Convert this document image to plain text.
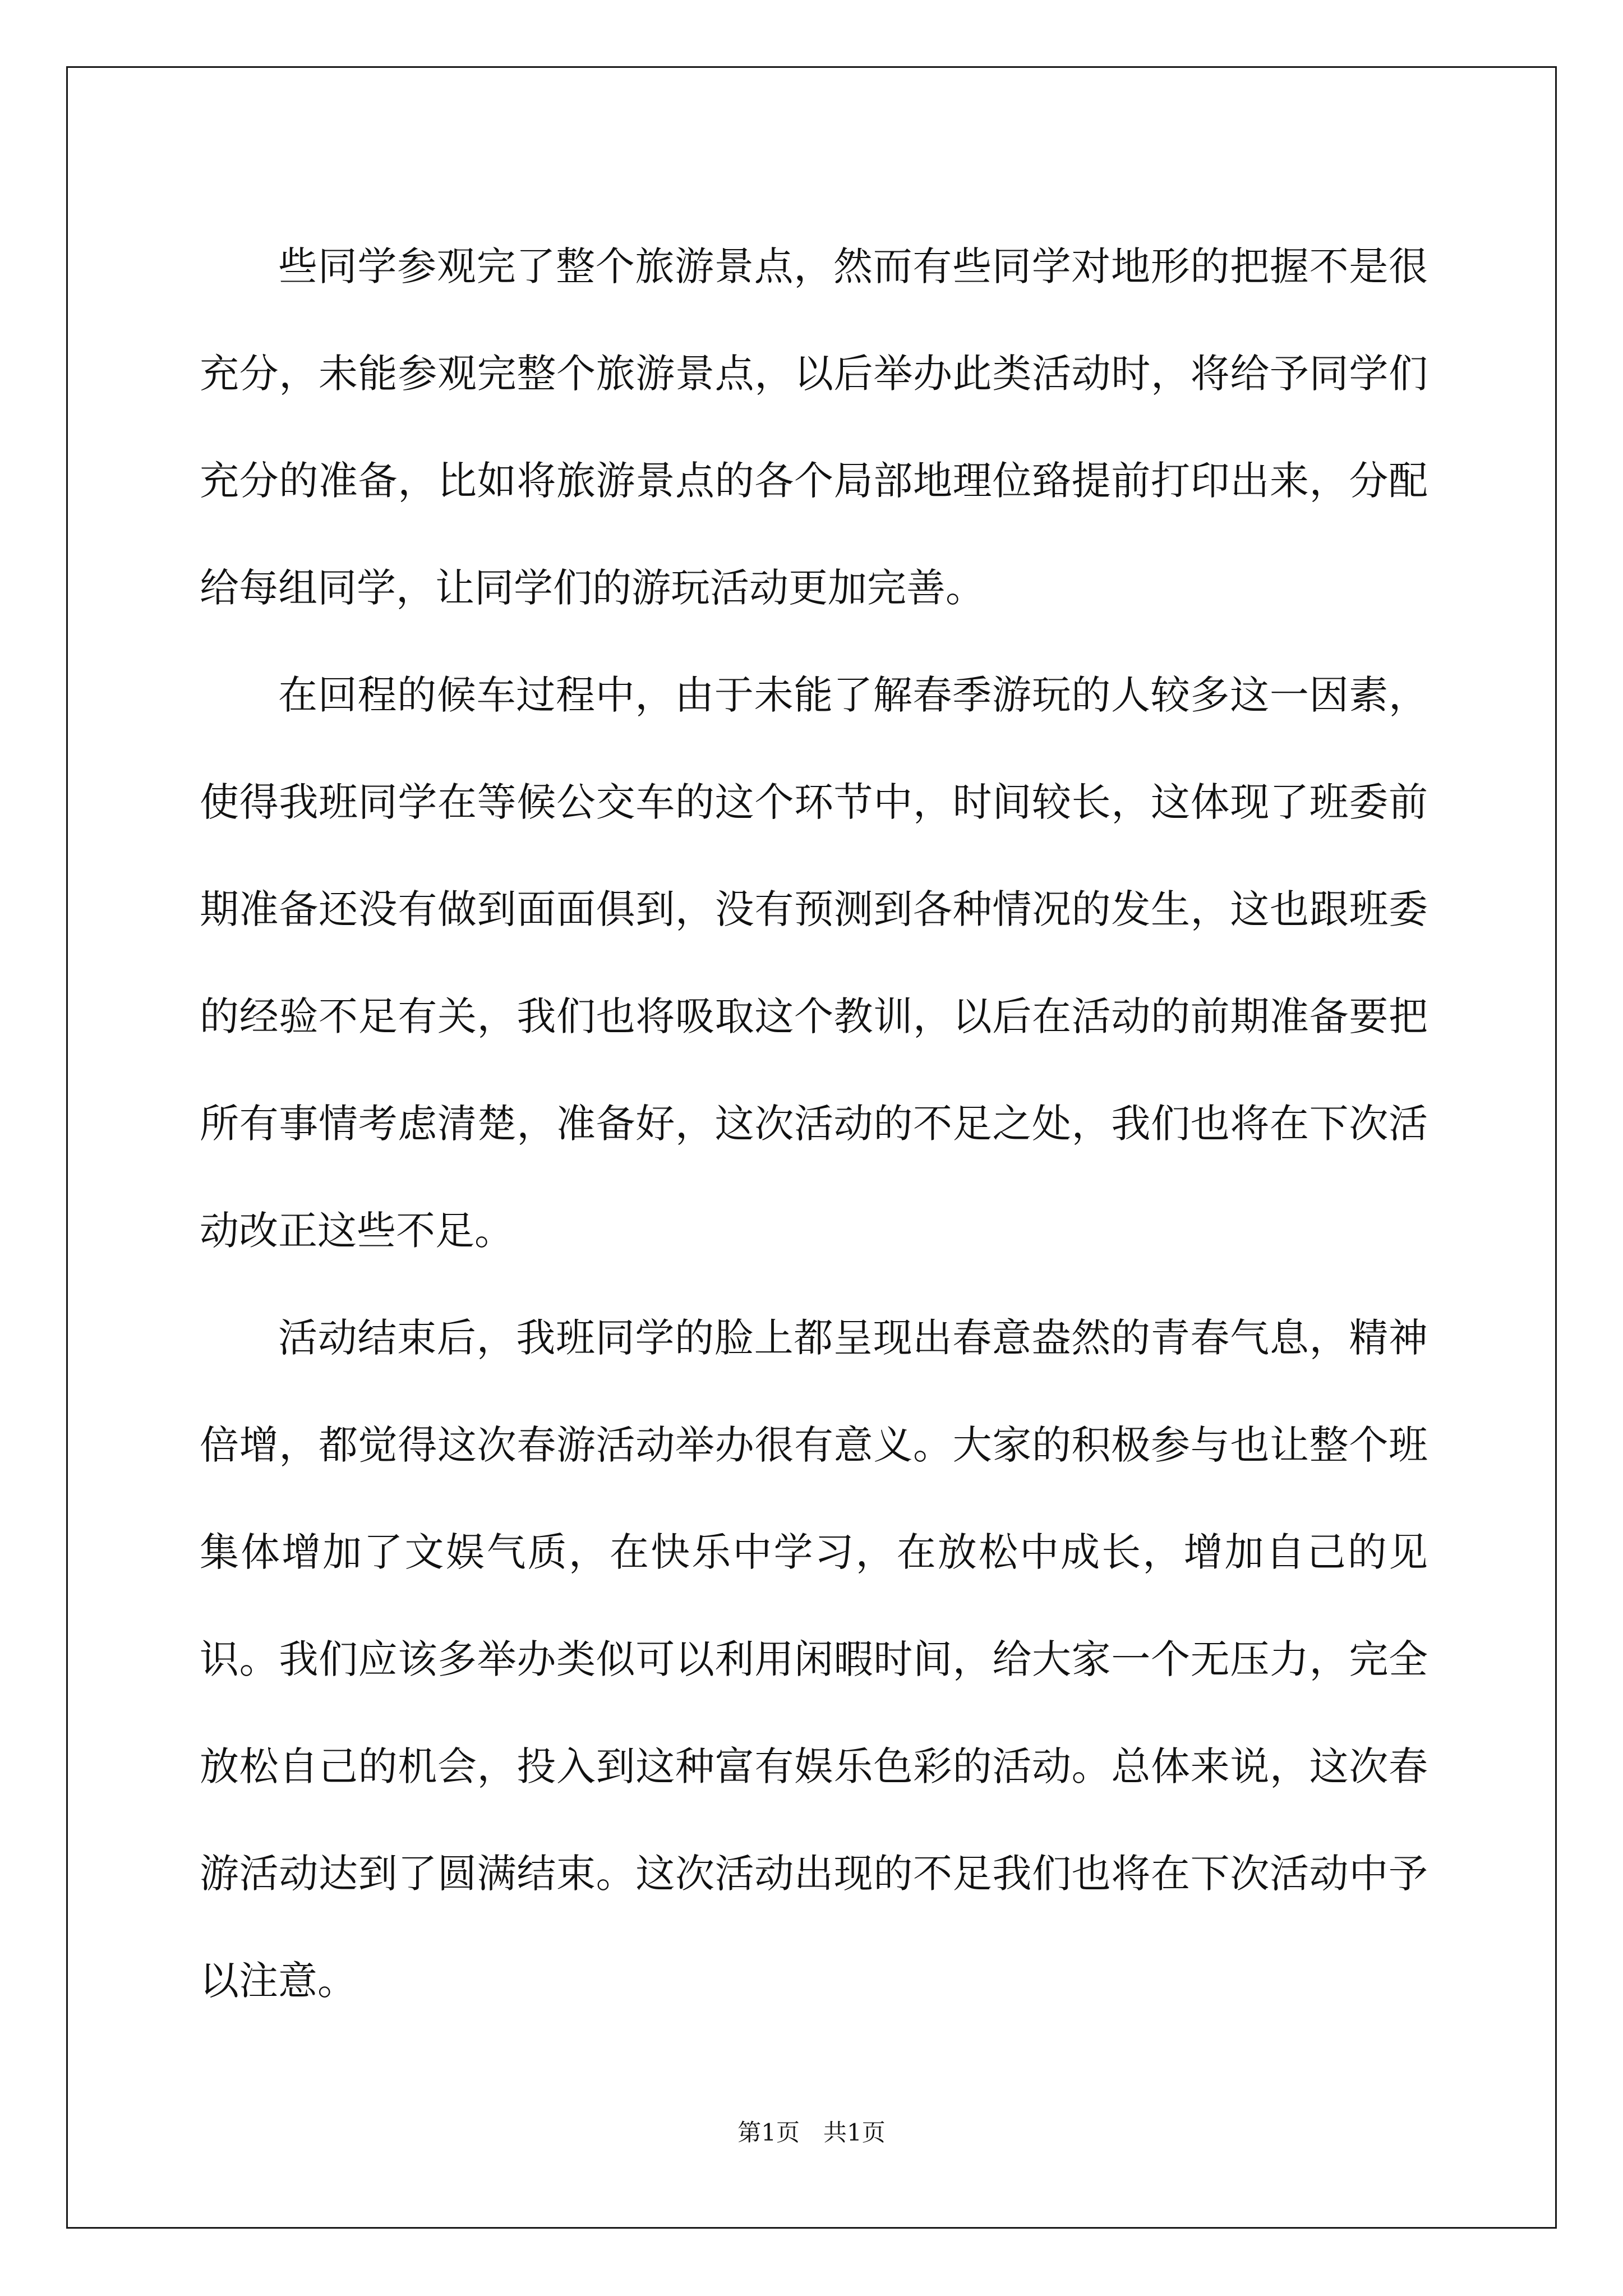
些同学参观完了整个旅游景点，然而有些同学对地形的把握不是很充分，未能参观完整个旅游景点，以后举办此类活动时，将给予同学们充分的准备，比如将旅游景点的各个局部地理位臵提前打印出来，分配给每组同学，让同学们的游玩活动更加完善。

在回程的候车过程中，由于未能了解春季游玩的人较多这一因素，使得我班同学在等候公交车的这个环节中，时间较长，这体现了班委前期准备还没有做到面面俱到，没有预测到各种情况的发生，这也跟班委的经验不足有关，我们也将吸取这个教训，以后在活动的前期准备要把所有事情考虑清楚，准备好，这次活动的不足之处，我们也将在下次活动改正这些不足。

活动结束后，我班同学的脸上都呈现出春意盎然的青春气息，精神倍增，都觉得这次春游活动举办很有意义。大家的积极参与也让整个班集体增加了文娱气质，在快乐中学习，在放松中成长，增加自己的见识。我们应该多举办类似可以利用闲暇时间，给大家一个无压力，完全放松自己的机会，投入到这种富有娱乐色彩的活动。总体来说，这次春游活动达到了圆满结束。这次活动出现的不足我们也将在下次活动中予以注意。

第1页　共1页
